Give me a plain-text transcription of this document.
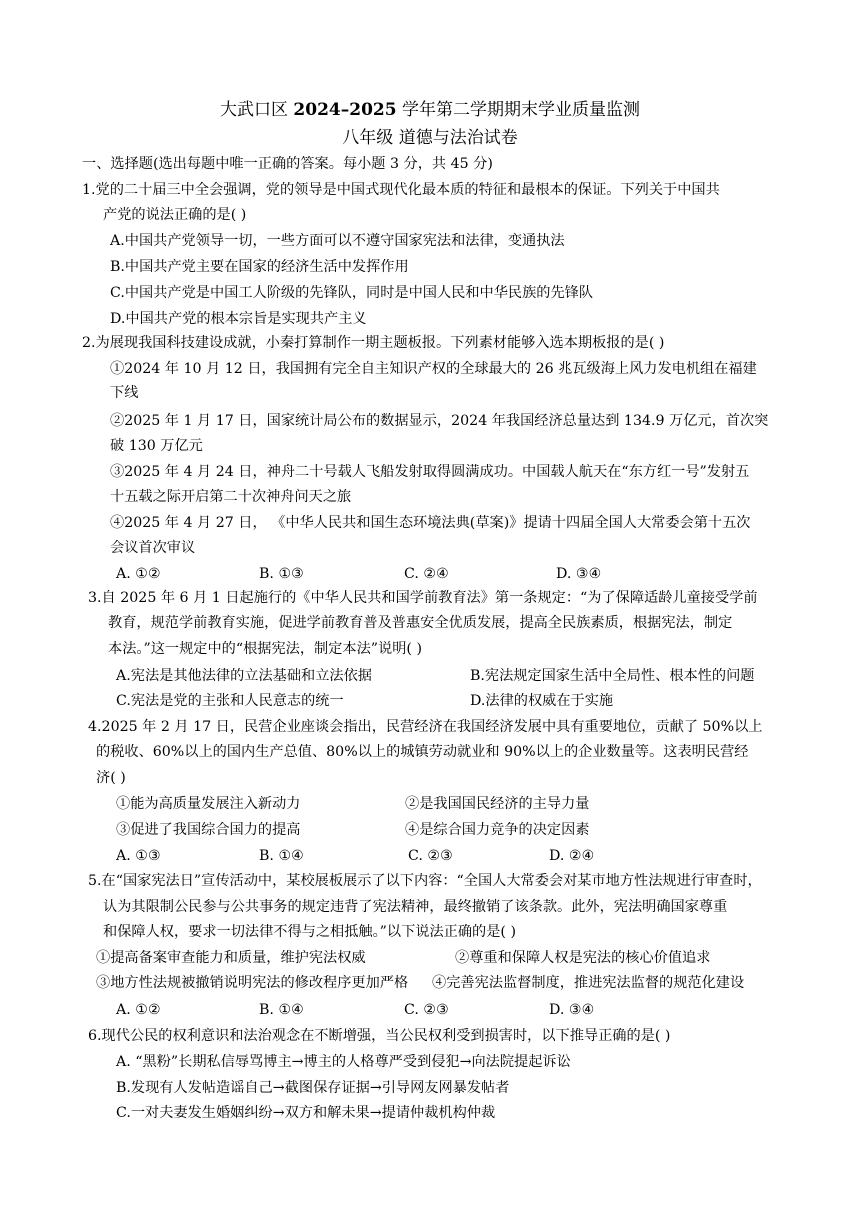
大武口区 2024–2025 学年第二学期期末学业质量监测
八年级 道德与法治试卷
一、选择题(选出每题中唯一正确的答案。每小题 3 分，共 45 分)
1.党的二十届三中全会强调，党的领导是中国式现代化最本质的特征和最根本的保证。下列关于中国共
产党的说法正确的是( )
A.中国共产党领导一切，一些方面可以不遵守国家宪法和法律，变通执法
B.中国共产党主要在国家的经济生活中发挥作用
C.中国共产党是中国工人阶级的先锋队，同时是中国人民和中华民族的先锋队
D.中国共产党的根本宗旨是实现共产主义
2.为展现我国科技建设成就，小秦打算制作一期主题板报。下列素材能够入选本期板报的是( )
①2024 年 10 月 12 日，我国拥有完全自主知识产权的全球最大的 26 兆瓦级海上风力发电机组在福建
下线
②2025 年 1 月 17 日，国家统计局公布的数据显示，2024 年我国经济总量达到 134.9 万亿元，首次突
破 130 万亿元
③2025 年 4 月 24 日，神舟二十号载人飞船发射取得圆满成功。中国载人航天在“东方红一号”发射五
十五载之际开启第二十次神舟问天之旅
④2025 年 4 月 27 日， 《中华人民共和国生态环境法典(草案)》提请十四届全国人大常委会第十五次
会议首次审议
A. ①②	B. ①③	C. ②④	D. ③④
3.自 2025 年 6 月 1 日起施行的《中华人民共和国学前教育法》第一条规定：“为了保障适龄儿童接受学前
教育，规范学前教育实施，促进学前教育普及普惠安全优质发展，提高全民族素质，根据宪法，制定
本法。”这一规定中的“根据宪法，制定本法”说明( )
A.宪法是其他法律的立法基础和立法依据	B.宪法规定国家生活中全局性、根本性的问题
C.宪法是党的主张和人民意志的统一	D.法律的权威在于实施
4.2025 年 2 月 17 日，民营企业座谈会指出，民营经济在我国经济发展中具有重要地位，贡献了 50%以上
的税收、60%以上的国内生产总值、80%以上的城镇劳动就业和 90%以上的企业数量等。这表明民营经
济( )
①能为高质量发展注入新动力	②是我国国民经济的主导力量
③促进了我国综合国力的提高	④是综合国力竞争的决定因素
A. ①③	B. ①④	C. ②③	D. ②④
5.在“国家宪法日”宣传活动中，某校展板展示了以下内容：“全国人大常委会对某市地方性法规进行审查时，
认为其限制公民参与公共事务的规定违背了宪法精神，最终撤销了该条款。此外，宪法明确国家尊重
和保障人权，要求一切法律不得与之相抵触。”以下说法正确的是( )
①提高备案审查能力和质量，维护宪法权威	②尊重和保障人权是宪法的核心价值追求
③地方性法规被撤销说明宪法的修改程序更加严格 ④完善宪法监督制度，推进宪法监督的规范化建设
A. ①②	B. ①④	C. ②③	D. ③④
6.现代公民的权利意识和法治观念在不断增强，当公民权利受到损害时，以下推导正确的是( )
A. “黑粉”长期私信辱骂博主→博主的人格尊严受到侵犯→向法院提起诉讼
B.发现有人发帖造谣自己→截图保存证据→引导网友网暴发帖者
C.一对夫妻发生婚姻纠纷→双方和解未果→提请仲裁机构仲裁
